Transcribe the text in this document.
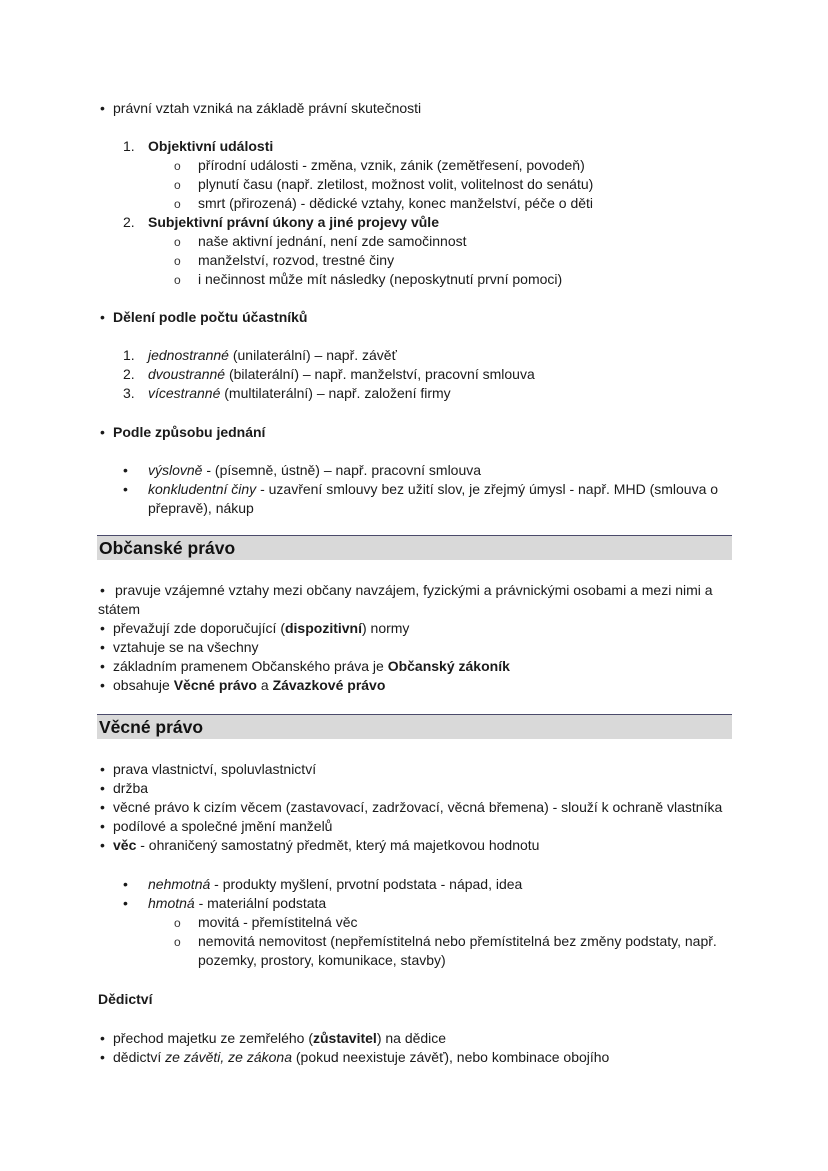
• právní vztah vzniká na základě právní skutečnosti
1. Objektivní události
o přírodní události - změna, vznik, zánik (zemětřesení, povodeň)
o plynutí času (např. zletilost, možnost volit, volitelnost do senátu)
o smrt (přirozená) - dědické vztahy, konec manželství, péče o děti
2. Subjektivní právní úkony a jiné projevy vůle
o naše aktivní jednání, není zde samočinnost
o manželství, rozvod, trestné činy
o i nečinnost může mít následky (neposkytnutí první pomoci)
• Dělení podle počtu účastníků
1. jednostranné (unilaterální) – např. závěť
2. dvoustranné (bilaterální) – např. manželství, pracovní smlouva
3. vícestranné (multilaterální) – např. založení firmy
• Podle způsobu jednání
• výslovně - (písemně, ústně) – např. pracovní smlouva
• konkludentní činy - uzavření smlouvy bez užití slov, je zřejmý úmysl - např. MHD (smlouva o
přepravě), nákup
Občanské právo
• pravuje vzájemné vztahy mezi občany navzájem, fyzickými a právnickými osobami a mezi nimi a
státem
• převažují zde doporučující (dispozitivní) normy
• vztahuje se na všechny
• základním pramenem Občanského práva je Občanský zákoník
• obsahuje Věcné právo a Závazkové právo
Věcné právo
• prava vlastnictví, spoluvlastnictví
• držba
• věcné právo k cizím věcem (zastavovací, zadržovací, věcná břemena) - slouží k ochraně vlastníka
• podílové a společné jmění manželů
• věc - ohraničený samostatný předmět, který má majetkovou hodnotu
• nehmotná - produkty myšlení, prvotní podstata - nápad, idea
• hmotná - materiální podstata
o movitá - přemístitelná věc
o nemovitá nemovitost (nepřemístitelná nebo přemístitelná bez změny podstaty, např.
pozemky, prostory, komunikace, stavby)
Dědictví
• přechod majetku ze zemřelého (zůstavitel) na dědice
• dědictví ze závěti, ze zákona (pokud neexistuje závěť), nebo kombinace obojího
